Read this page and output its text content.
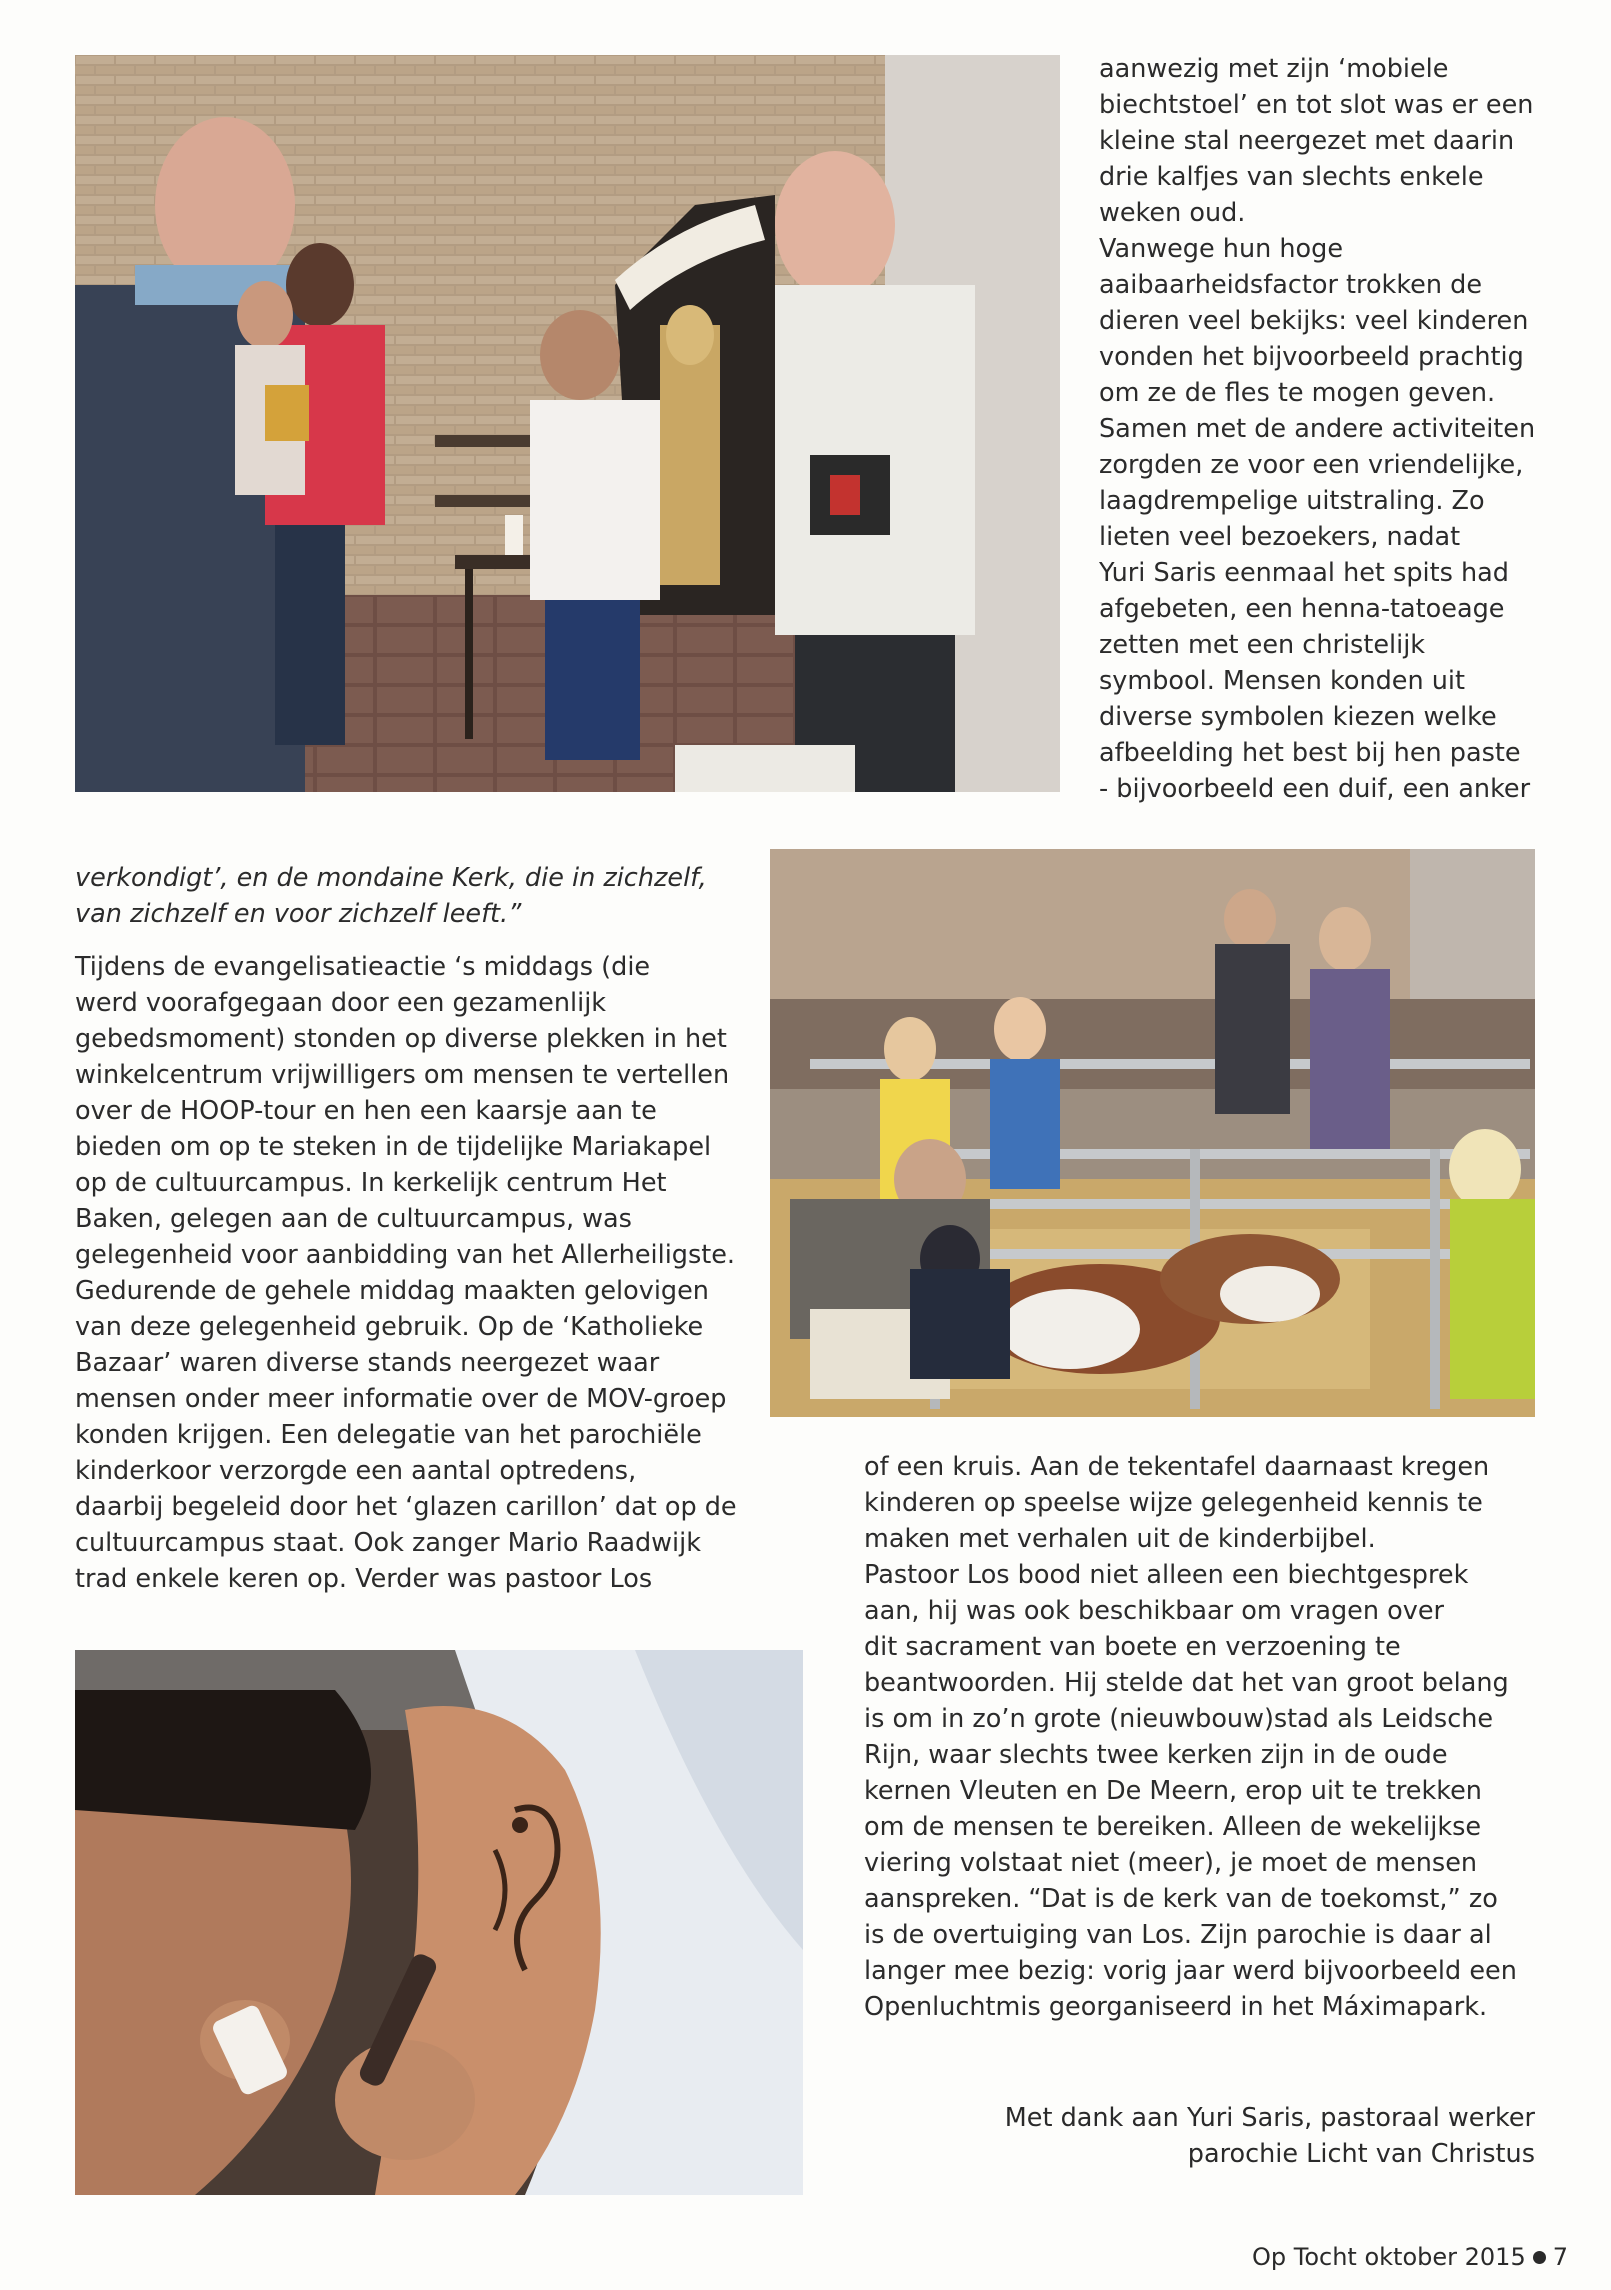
aanwezig met zijn ‘mobiele
biechtstoel’ en tot slot was er een
kleine stal neergezet met daarin
drie kalfjes van slechts enkele
weken oud.
Vanwege hun hoge
aaibaarheidsfactor trokken de
dieren veel bekijks: veel kinderen
vonden het bijvoorbeeld prachtig
om ze de fles te mogen geven.
Samen met de andere activiteiten
zorgden ze voor een vriendelijke,
laagdrempelige uitstraling. Zo
lieten veel bezoekers, nadat
Yuri Saris eenmaal het spits had
afgebeten, een henna-tatoeage
zetten met een christelijk
symbool. Mensen konden uit
diverse symbolen kiezen welke
afbeelding het best bij hen paste
- bijvoorbeeld een duif, een anker
verkondigt’, en de mondaine Kerk, die in zichzelf,
van zichzelf en voor zichzelf leeft.”
Tijdens de evangelisatieactie ‘s middags (die
werd voorafgegaan door een gezamenlijk
gebedsmoment) stonden op diverse plekken in het
winkelcentrum vrijwilligers om mensen te vertellen
over de HOOP-tour en hen een kaarsje aan te
bieden om op te steken in de tijdelijke Mariakapel
op de cultuurcampus. In kerkelijk centrum Het
Baken, gelegen aan de cultuurcampus, was
gelegenheid voor aanbidding van het Allerheiligste.
Gedurende de gehele middag maakten gelovigen
van deze gelegenheid gebruik. Op de ‘Katholieke
Bazaar’ waren diverse stands neergezet waar
mensen onder meer informatie over de MOV-groep
konden krijgen. Een delegatie van het parochiële
kinderkoor verzorgde een aantal optredens,
daarbij begeleid door het ‘glazen carillon’ dat op de
cultuurcampus staat. Ook zanger Mario Raadwijk
trad enkele keren op. Verder was pastoor Los
of een kruis. Aan de tekentafel daarnaast kregen
kinderen op speelse wijze gelegenheid kennis te
maken met verhalen uit de kinderbijbel.
Pastoor Los bood niet alleen een biechtgesprek
aan, hij was ook beschikbaar om vragen over
dit sacrament van boete en verzoening te
beantwoorden. Hij stelde dat het van groot belang
is om in zo’n grote (nieuwbouw)stad als Leidsche
Rijn, waar slechts twee kerken zijn in de oude
kernen Vleuten en De Meern, erop uit te trekken
om de mensen te bereiken. Alleen de wekelijkse
viering volstaat niet (meer), je moet de mensen
aanspreken. “Dat is de kerk van de toekomst,” zo
is de overtuiging van Los. Zijn parochie is daar al
langer mee bezig: vorig jaar werd bijvoorbeeld een
Openluchtmis georganiseerd in het Máximapark.
Met dank aan Yuri Saris, pastoraal werker
parochie Licht van Christus
Op Tocht oktober 2015 7
